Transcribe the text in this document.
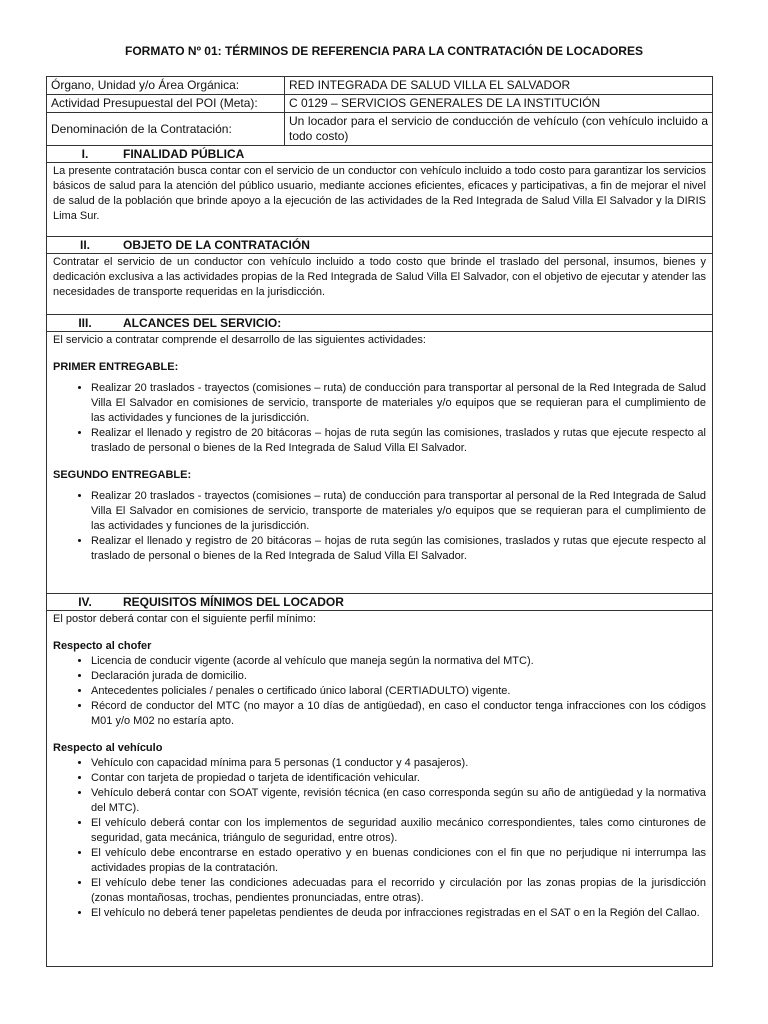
FORMATO Nº 01: TÉRMINOS DE REFERENCIA PARA LA CONTRATACIÓN DE LOCADORES
Órgano, Unidad y/o Área Orgánica:	RED INTEGRADA DE SALUD VILLA EL SALVADOR
Actividad Presupuestal del POI (Meta):	C 0129 – SERVICIOS GENERALES DE LA INSTITUCIÓN
Denominación de la Contratación:
Un locador para el servicio de conducción de vehículo (con vehículo incluido a todo costo)
I.	FINALIDAD PÚBLICA

La presente contratación busca contar con el servicio de un conductor con vehículo incluido a todo costo para garantizar los servicios básicos de salud para la atención del público usuario, mediante acciones eficientes, eficaces y participativas, a fin de mejorar el nivel de salud de la población que brinde apoyo a la ejecución de las actividades de la Red Integrada de Salud Villa El Salvador y la DIRIS Lima Sur.

II.	OBJETO DE LA CONTRATACIÓN

Contratar el servicio de un conductor con vehículo incluido a todo costo que brinde el traslado del personal, insumos, bienes y dedicación exclusiva a las actividades propias de la Red Integrada de Salud Villa El Salvador, con el objetivo de ejecutar y atender las necesidades de transporte requeridas en la jurisdicción.

III.	ALCANCES DEL SERVICIO:

El servicio a contratar comprende el desarrollo de las siguientes actividades:

PRIMER ENTREGABLE:

• Realizar 20 traslados - trayectos (comisiones – ruta) de conducción para transportar al personal de la Red Integrada de Salud Villa El Salvador en comisiones de servicio, transporte de materiales y/o equipos que se requieran para el cumplimiento de las actividades y funciones de la jurisdicción.
• Realizar el llenado y registro de 20 bitácoras – hojas de ruta según las comisiones, traslados y rutas que ejecute respecto al traslado de personal o bienes de la Red Integrada de Salud Villa El Salvador.

SEGUNDO ENTREGABLE:

• Realizar 20 traslados - trayectos (comisiones – ruta) de conducción para transportar al personal de la Red Integrada de Salud Villa El Salvador en comisiones de servicio, transporte de materiales y/o equipos que se requieran para el cumplimiento de las actividades y funciones de la jurisdicción.
• Realizar el llenado y registro de 20 bitácoras – hojas de ruta según las comisiones, traslados y rutas que ejecute respecto al traslado de personal o bienes de la Red Integrada de Salud Villa El Salvador.
IV.	REQUISITOS MÍNIMOS DEL LOCADOR

El postor deberá contar con el siguiente perfil mínimo:

Respecto al chofer

• Licencia de conducir vigente (acorde al vehículo que maneja según la normativa del MTC).
• Declaración jurada de domicilio.
• Antecedentes policiales / penales o certificado único laboral (CERTIADULTO) vigente.
• Récord de conductor del MTC (no mayor a 10 días de antigüedad), en caso el conductor tenga infracciones con los códigos M01 y/o M02 no estaría apto.

Respecto al vehículo

• Vehículo con capacidad mínima para 5 personas (1 conductor y 4 pasajeros).
• Contar con tarjeta de propiedad o tarjeta de identificación vehicular.
• Vehículo deberá contar con SOAT vigente, revisión técnica (en caso corresponda según su año de antigüedad y la normativa del MTC).
• El vehículo deberá contar con los implementos de seguridad auxilio mecánico correspondientes, tales como cinturones de seguridad, gata mecánica, triángulo de seguridad, entre otros).
• El vehículo debe encontrarse en estado operativo y en buenas condiciones con el fin que no perjudique ni interrumpa las actividades propias de la contratación.
• El vehículo debe tener las condiciones adecuadas para el recorrido y circulación por las zonas propias de la jurisdicción (zonas montañosas, trochas, pendientes pronunciadas, entre otras).
• El vehículo no deberá tener papeletas pendientes de deuda por infracciones registradas en el SAT o en la Región del Callao.
